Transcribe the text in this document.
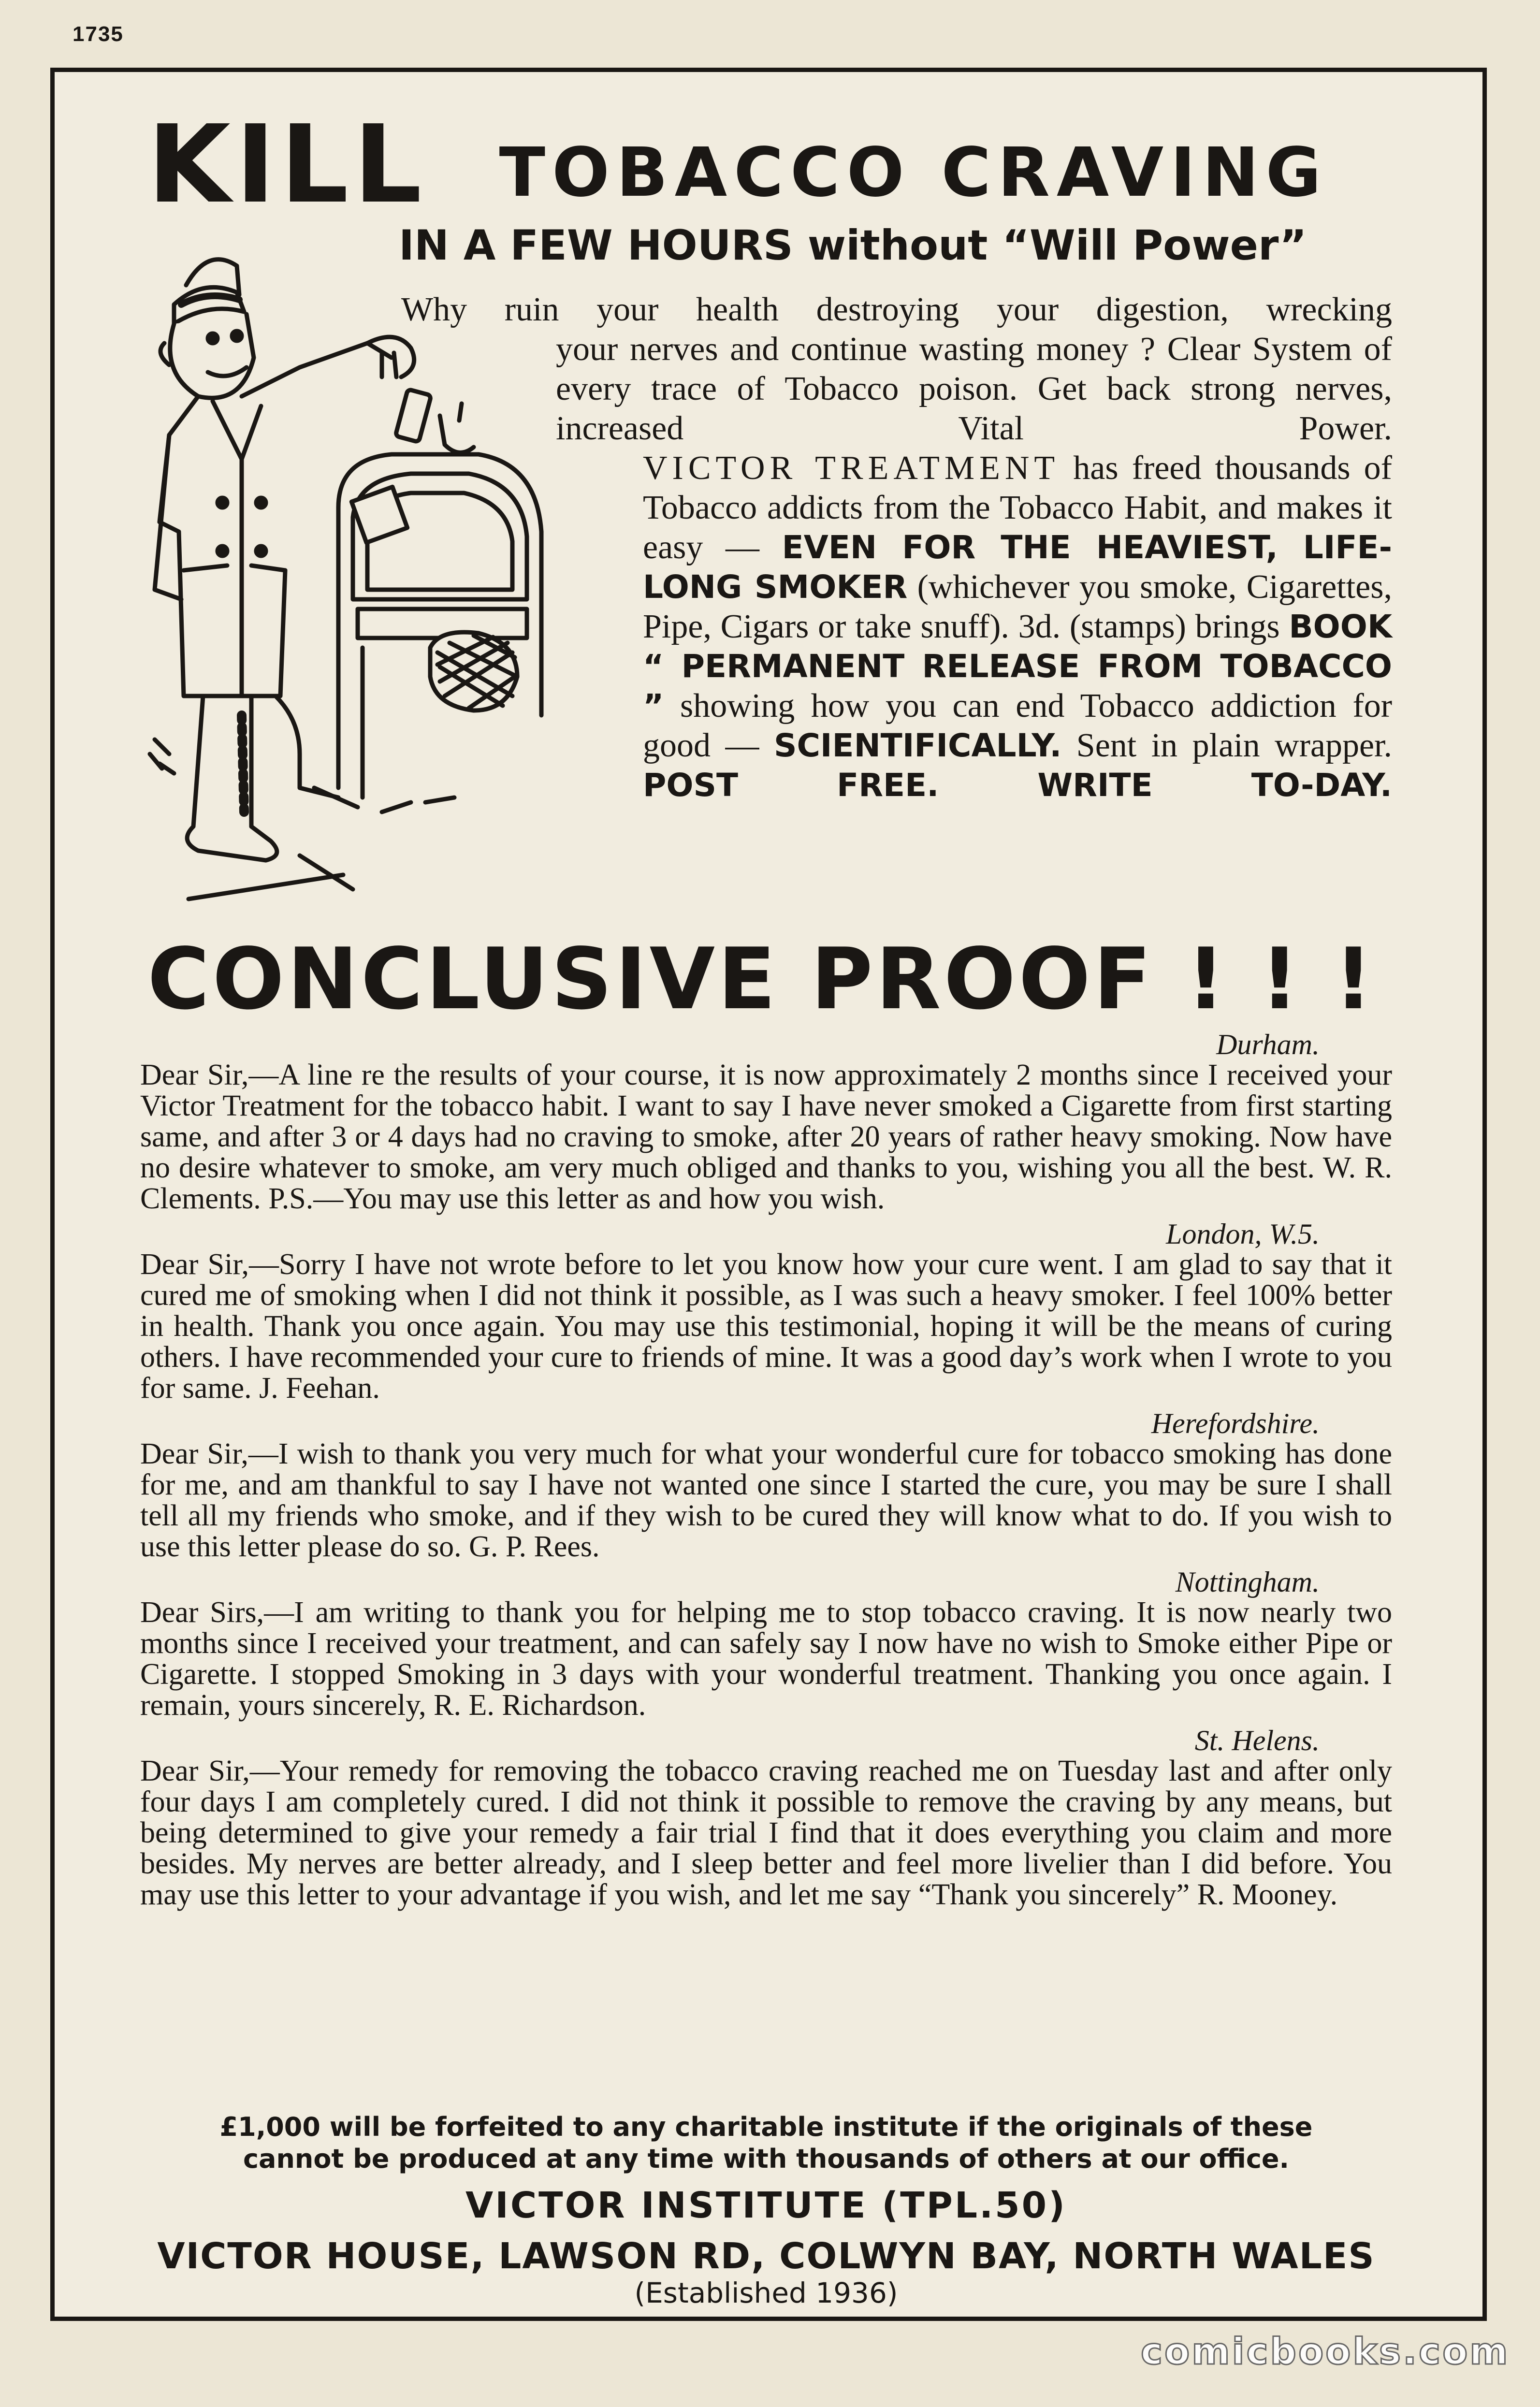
1735
KILL TOBACCO CRAVING
IN A FEW HOURS without “Will Power”
Why ruin your health destroying your digestion, wrecking
your nerves and continue wasting money ? Clear System of every trace of Tobacco poison. Get back strong nerves, increased Vital Power.
VICTOR TREATMENT has freed thousands of Tobacco addicts from the Tobacco Habit, and makes it easy — EVEN FOR THE HEAVIEST, LIFE-LONG SMOKER (whichever you smoke, Cigarettes, Pipe, Cigars or take snuff). 3d. (stamps) brings BOOK “ PERMANENT RELEASE FROM TOBACCO ” showing how you can end Tobacco addiction for good — SCIENTIFICALLY. Sent in plain wrapper. POST FREE. WRITE TO-DAY.
CONCLUSIVE PROOF ! ! !
Durham.
Dear Sir,—A line re the results of your course, it is now approximately 2 months since I received your Victor Treatment for the tobacco habit. I want to say I have never smoked a Cigarette from first starting same, and after 3 or 4 days had no craving to smoke, after 20 years of rather heavy smoking. Now have no desire whatever to smoke, am very much obliged and thanks to you, wishing you all the best. W. R. Clements. P.S.—You may use this letter as and how you wish.
London, W.5.
Dear Sir,—Sorry I have not wrote before to let you know how your cure went. I am glad to say that it cured me of smoking when I did not think it possible, as I was such a heavy smoker. I feel 100% better in health. Thank you once again. You may use this testimonial, hoping it will be the means of curing others. I have recommended your cure to friends of mine. It was a good day’s work when I wrote to you for same. J. Feehan.
Herefordshire.
Dear Sir,—I wish to thank you very much for what your wonderful cure for tobacco smoking has done for me, and am thankful to say I have not wanted one since I started the cure, you may be sure I shall tell all my friends who smoke, and if they wish to be cured they will know what to do. If you wish to use this letter please do so. G. P. Rees.
Nottingham.
Dear Sirs,—I am writing to thank you for helping me to stop tobacco craving. It is now nearly two months since I received your treatment, and can safely say I now have no wish to Smoke either Pipe or Cigarette. I stopped Smoking in 3 days with your wonderful treatment. Thanking you once again. I remain, yours sincerely, R. E. Richardson.
St. Helens.
Dear Sir,—Your remedy for removing the tobacco craving reached me on Tuesday last and after only four days I am completely cured. I did not think it possible to remove the craving by any means, but being determined to give your remedy a fair trial I find that it does everything you claim and more besides. My nerves are better already, and I sleep better and feel more livelier than I did before. You may use this letter to your advantage if you wish, and let me say “Thank you sincerely” R. Mooney.
£1,000 will be forfeited to any charitable institute if the originals of these
cannot be produced at any time with thousands of others at our office.
VICTOR INSTITUTE (TPL.50)
VICTOR HOUSE, LAWSON RD, COLWYN BAY, NORTH WALES
(Established 1936)
comicbooks.com
